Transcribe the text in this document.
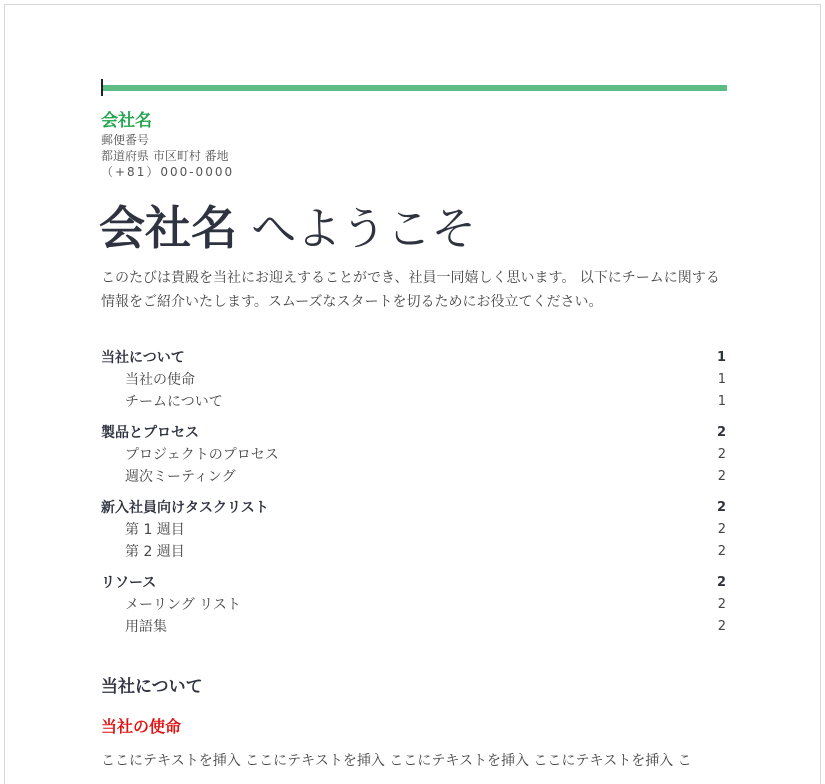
会社名
郵便番号
都道府県 市区町村 番地
（+81）000-0000
会社名 へようこそ
このたびは貴殿を当社にお迎えすることができ、社員一同嬉しく思います。 以下にチームに関する情報をご紹介いたします。スムーズなスタートを切るためにお役立てください。
当社について	1
当社の使命	1
チームについて	1
製品とプロセス	2
プロジェクトのプロセス	2
週次ミーティング	2
新入社員向けタスクリスト	2
第 1 週目	2
第 2 週目	2
リソース	2
メーリング リスト	2
用語集	2
当社について
当社の使命
ここにテキストを挿入 ここにテキストを挿入 ここにテキストを挿入 ここにテキストを挿入 こ
